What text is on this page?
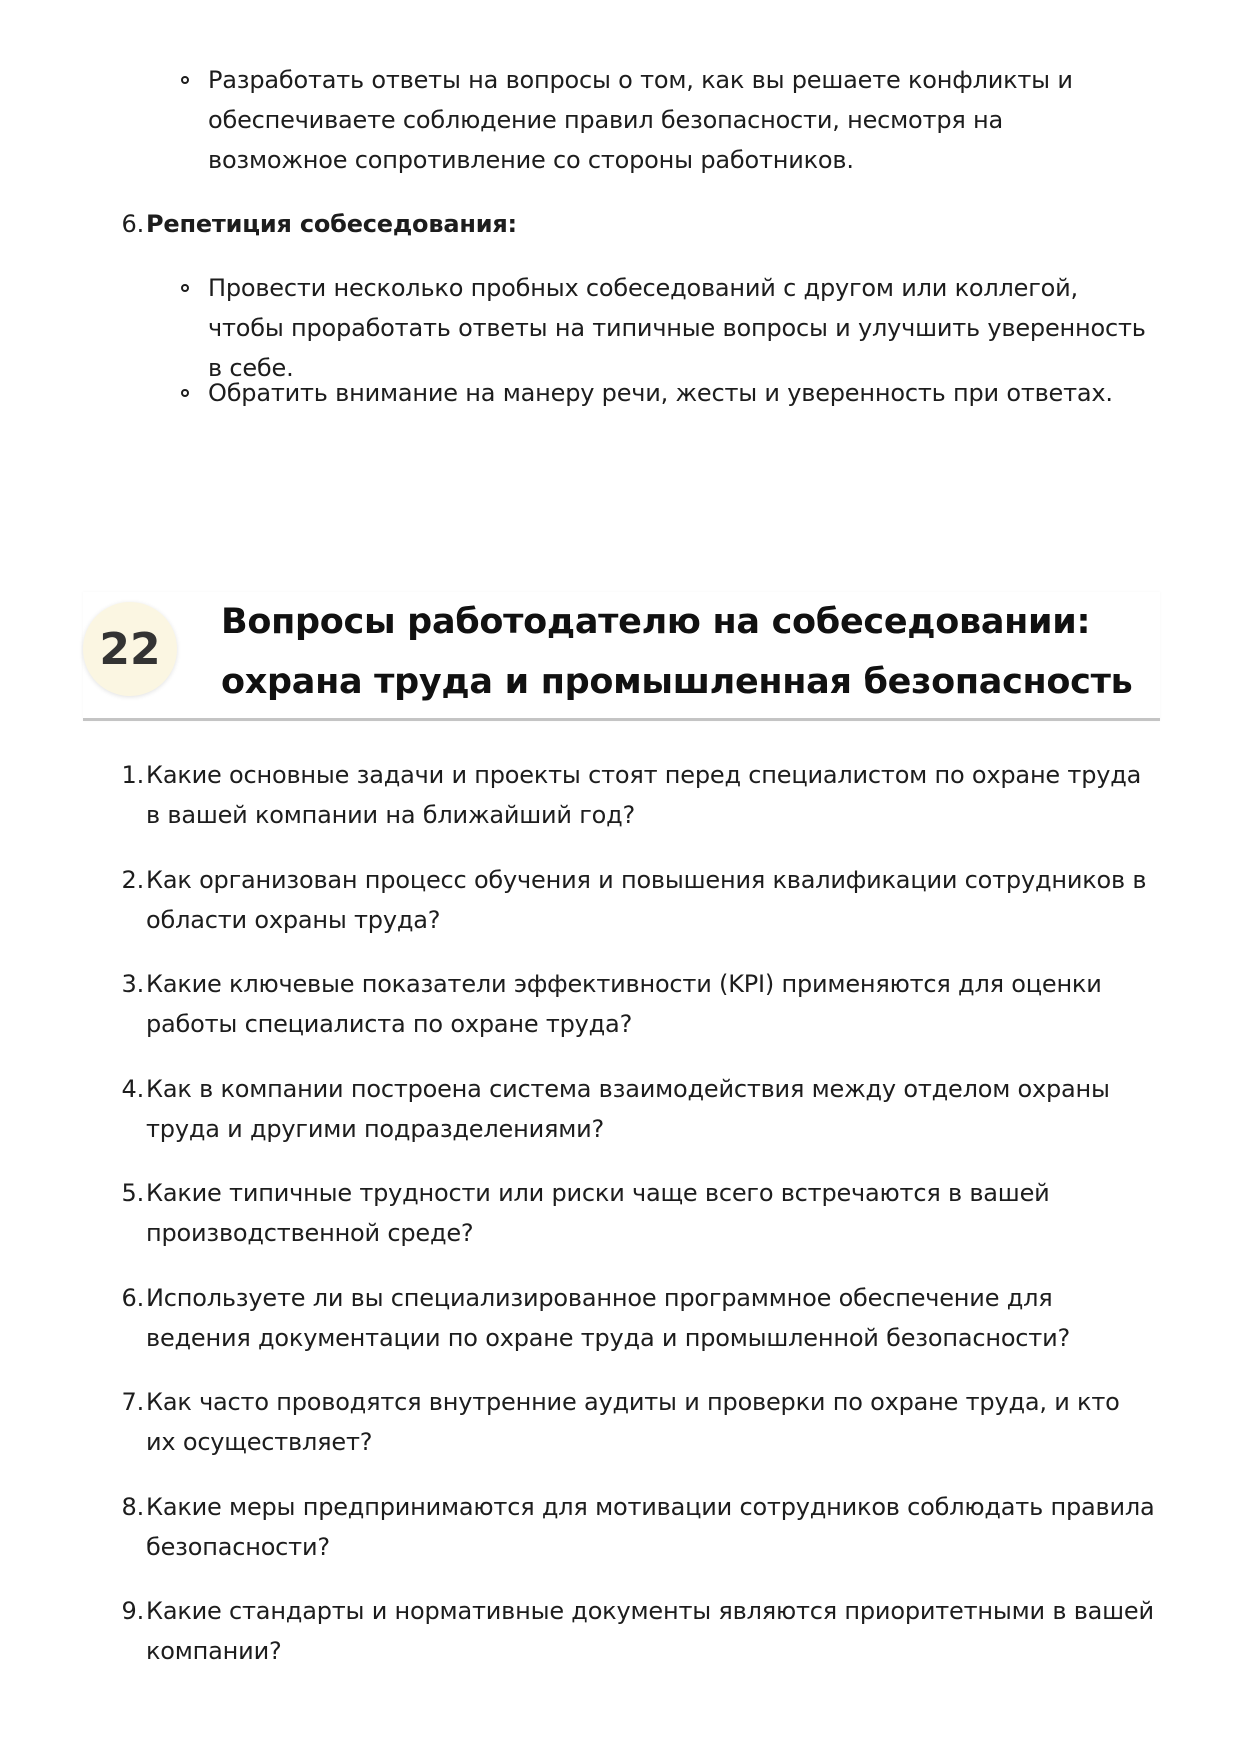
Разработать ответы на вопросы о том, как вы решаете конфликты и обеспечиваете соблюдение правил безопасности, несмотря на возможное сопротивление со стороны работников.
6. Репетиция собеседования:
Провести несколько пробных собеседований с другом или коллегой, чтобы проработать ответы на типичные вопросы и улучшить уверенность в себе.
Обратить внимание на манеру речи, жесты и уверенность при ответах.
22
Вопросы работодателю на собеседовании: охрана труда и промышленная безопасность
1. Какие основные задачи и проекты стоят перед специалистом по охране труда в вашей компании на ближайший год?
2. Как организован процесс обучения и повышения квалификации сотрудников в области охраны труда?
3. Какие ключевые показатели эффективности (KPI) применяются для оценки работы специалиста по охране труда?
4. Как в компании построена система взаимодействия между отделом охраны труда и другими подразделениями?
5. Какие типичные трудности или риски чаще всего встречаются в вашей производственной среде?
6. Используете ли вы специализированное программное обеспечение для ведения документации по охране труда и промышленной безопасности?
7. Как часто проводятся внутренние аудиты и проверки по охране труда, и кто их осуществляет?
8. Какие меры предпринимаются для мотивации сотрудников соблюдать правила безопасности?
9. Какие стандарты и нормативные документы являются приоритетными в вашей компании?
